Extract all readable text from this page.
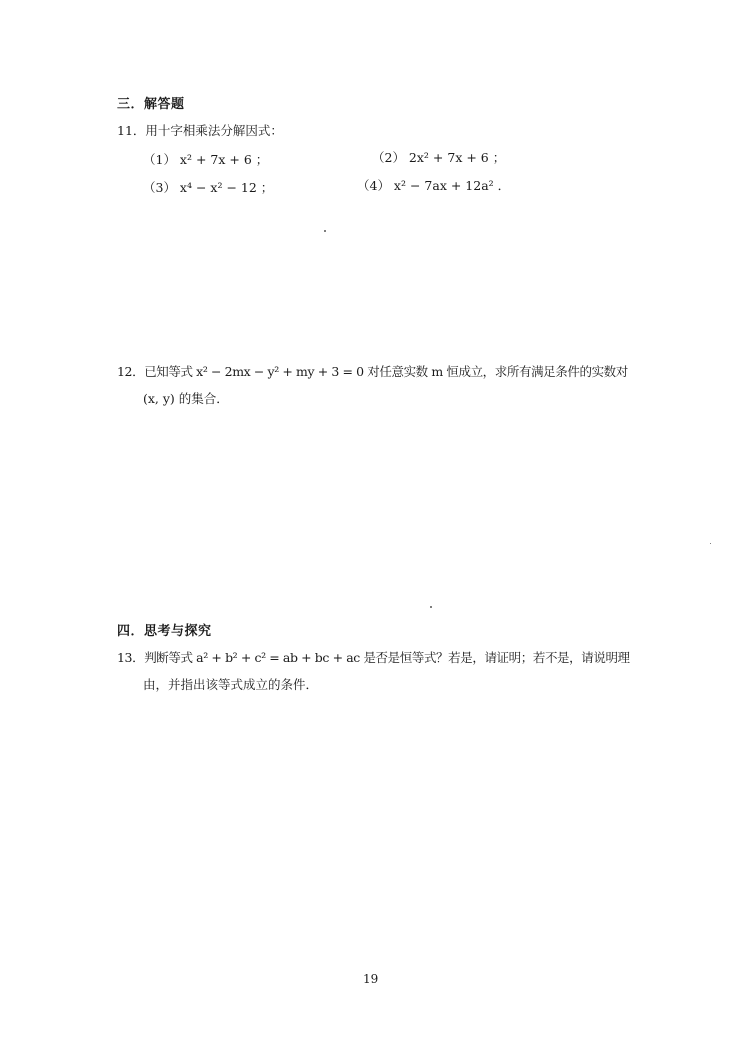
三．解答题
11．用十字相乘法分解因式：
（1） x² + 7x + 6 ；	（2） 2x² + 7x + 6 ；
（3） x⁴ − x² − 12 ；	（4） x² − 7ax + 12a² ．
12．已知等式 x² − 2mx − y² + my + 3 = 0 对任意实数 m 恒成立，求所有满足条件的实数对
(x, y) 的集合．
四．思考与探究
13．判断等式 a² + b² + c² = ab + bc + ac 是否是恒等式？若是，请证明；若不是，请说明理
由，并指出该等式成立的条件．
19
